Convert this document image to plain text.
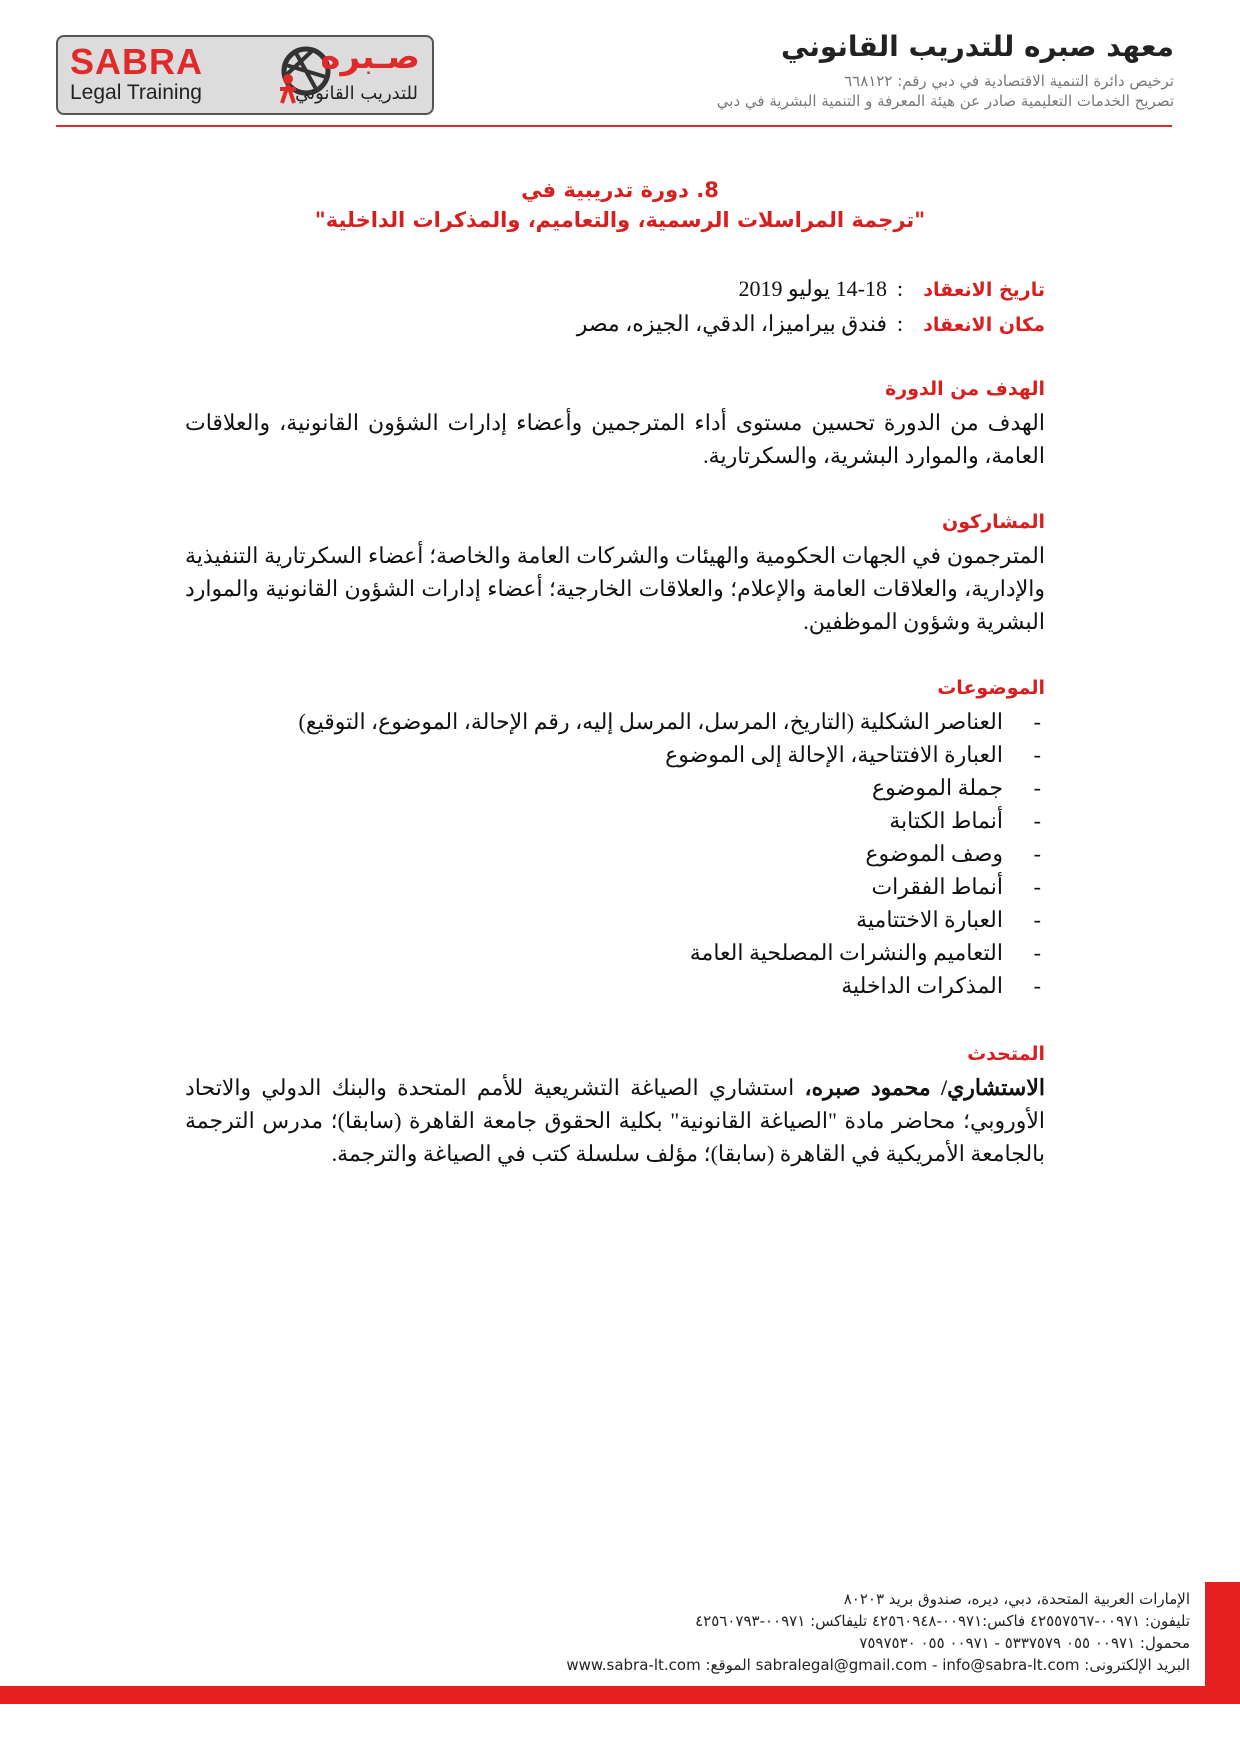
SABRA
Legal Training
صـبره
للتدريب القانوني
معهد صبره للتدريب القانوني
ترخيص دائرة التنمية الاقتصادية في دبي رقم: ٦٦٨١٢٢
تصريح الخدمات التعليمية صادر عن هيئة المعرفة و التنمية البشرية في دبي
8. دورة تدريبية في
"ترجمة المراسلات الرسمية، والتعاميم، والمذكرات الداخلية"
تاريخ الانعقاد
:
14-18 يوليو 2019
مكان الانعقاد
:
فندق بيراميزا، الدقي، الجيزه، مصر
الهدف من الدورة
الهدف من الدورة تحسين مستوى أداء المترجمين وأعضاء إدارات الشؤون القانونية، والعلاقات العامة، والموارد البشرية، والسكرتارية.
المشاركون
المترجمون في الجهات الحكومية والهيئات والشركات العامة والخاصة؛ أعضاء السكرتارية التنفيذية والإدارية، والعلاقات العامة والإعلام؛ والعلاقات الخارجية؛ أعضاء إدارات الشؤون القانونية والموارد البشرية وشؤون الموظفين.
الموضوعات
-
العناصر الشكلية (التاريخ، المرسل، المرسل إليه، رقم الإحالة، الموضوع، التوقيع)
-
العبارة الافتتاحية، الإحالة إلى الموضوع
-
جملة الموضوع
-
أنماط الكتابة
-
وصف الموضوع
-
أنماط الفقرات
-
العبارة الاختتامية
-
التعاميم والنشرات المصلحية العامة
-
المذكرات الداخلية
المتحدث
الاستشاري/ محمود صبره، استشاري الصياغة التشريعية للأمم المتحدة والبنك الدولي والاتحاد الأوروبي؛ محاضر مادة "الصياغة القانونية" بكلية الحقوق جامعة القاهرة (سابقا)؛ مدرس الترجمة بالجامعة الأمريكية في القاهرة (سابقا)؛ مؤلف سلسلة كتب في الصياغة والترجمة.
الإمارات العربية المتحدة، دبي، ديره، صندوق بريد ٨٠٢٠٣
تليفون: ٠٠٩٧١-٤٢٥٥٧٥٦٧ فاكس:٠٠٩٧١-٤٢٥٦٠٩٤٨ تليفاكس: ٠٠٩٧١-٤٢٥٦٠٧٩٣
محمول: ٠٠٩٧١ ٠٥٥ ٥٣٣٧٥٧٩ - ٠٠٩٧١ ٠٥٥ ٧٥٩٧٥٣٠
البريد الإلكترونى: sabralegal@gmail.com - info@sabra-lt.com الموقع: www.sabra-lt.com
